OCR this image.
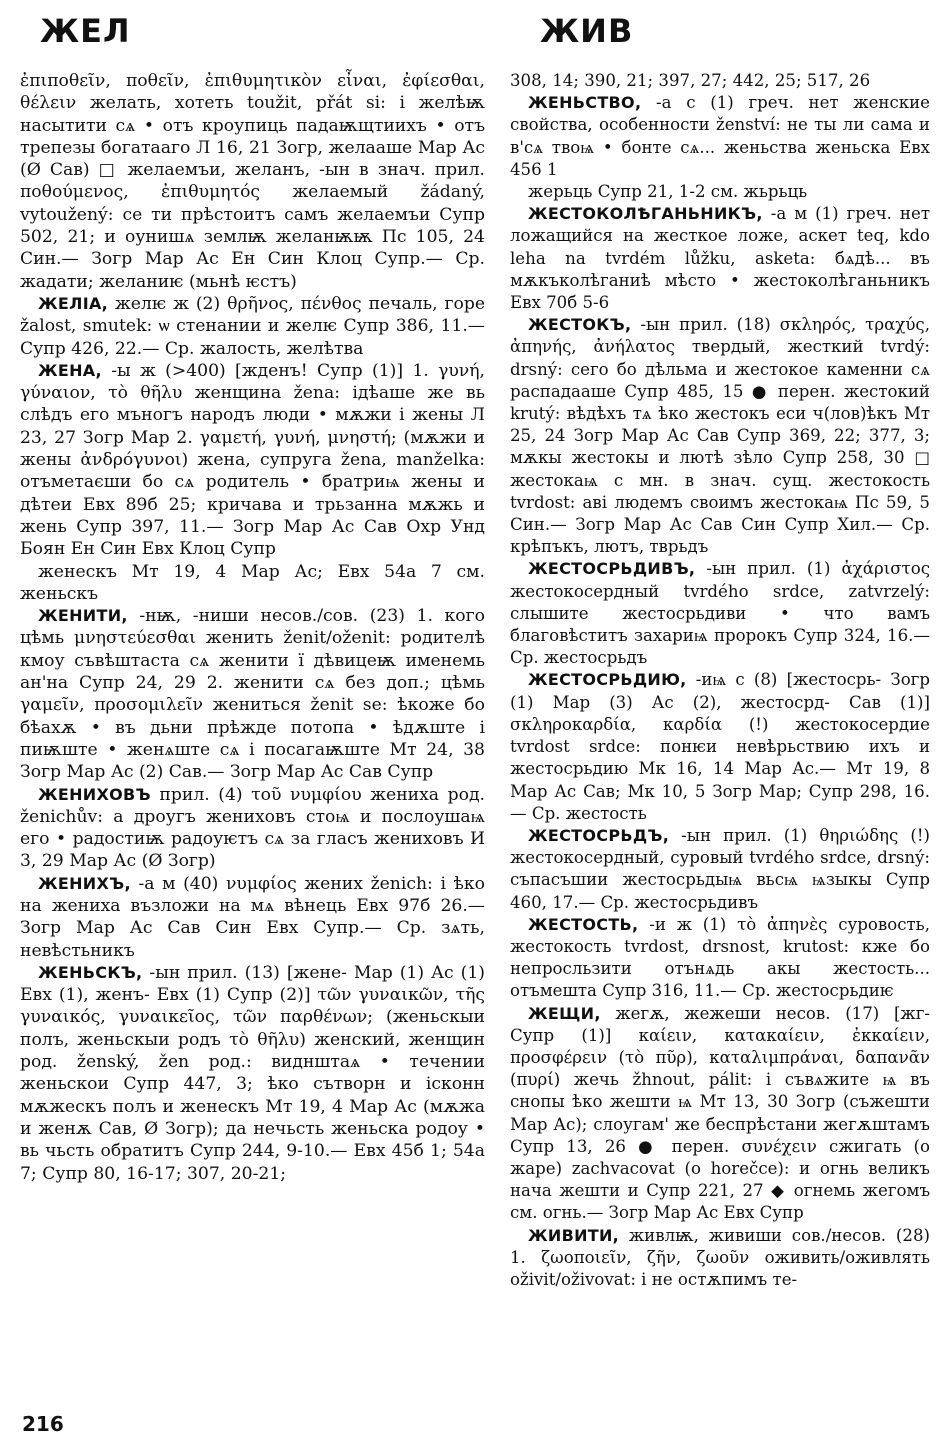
ЖЕЛ	ЖИВ

ἐπιποθεῖν, ποθεῖν, ἐπιθυμητικὸν εἶναι, ἐφίεσθαι, θέλειν желать, хотеть toužit, přát si: і желѣѭ насытити сѧ • отъ кроупиць падаѭщтиихъ • отъ трепезы богатааго Л 16, 21 Зогр, желааше Мар Ас (Ø Сав) □ желаемъи, желанъ, -ын в знач. прил. ποθούμενος, ἐπιθυμητός желаемый žádaný, vytoužený: се ти прѣстоитъ самъ желаемъи Супр 502, 21; и оунишѧ землѭ желанѭѭ Пс 105, 24 Син.— Зогр Мар Ас Ен Син Клоц Супр.— Ср. жадати; желаниѥ (мьнѣ ѥстъ)

ЖЕЛІА, желѥ ж (2) θρῆνος, πένθος печаль, горе žalost, smutek: ѡ стенании и желѥ Супр 386, 11.— Супр 426, 22.— Ср. жалость, желѣтва

ЖЕНА, -ы ж (>400) [жденъ! Супр (1)] 1. γυνή, γύναιον, τὸ θῆλυ женщина žena: ідѣаше же вь слѣдъ его мъногъ народъ люди • мѫжи і жены Л 23, 27 Зогр Мар 2. γαμετή, γυνή, μνηστή; (мѫжи и жены ἀνδρόγυνοι) жена, супруга žena, manželka: отъметаєши бо сѧ родитель • братриѩ жены и дѣтеи Евх 89б 25; кричава и трьзанна мѫжь и жень Супр 397, 11.— Зогр Мар Ас Сав Охр Унд Боян Ен Син Евх Клоц Супр

женескъ Мт 19, 4 Мар Ас; Евх 54а 7 см. женьскъ

ЖЕНИТИ, -нѭ, -ниши несов./сов. (23) 1. кого цѣмь μνηστεύεσθαι женить ženit/oženit: родителѣ кмоу съвѣштаста сѧ женити ї дѣвицеѭ именемь ан'на Супр 24, 29 2. женити сѧ без доп.; цѣмь γαμεῖν, προσομιλεῖν жениться ženit se: ѣкоже бо бѣахѫ • въ дьни прѣжде потопа • ѣдѫште і пиѭште • женѧште сѧ і посагаѭште Мт 24, 38 Зогр Мар Ас (2) Сав.— Зогр Мар Ас Сав Супр

ЖЕНИХОВЪ прил. (4) τοῦ νυμφίου жениха род. ženichův: а дроугъ жениховъ стоѩ и послоушаѩ его • радостиѭ радоуѥтъ сѧ за гласъ жениховъ И 3, 29 Мар Ас (Ø Зогр)

ЖЕНИХЪ, -а м (40) νυμφίος жених ženich: і ѣко на жениха възложи на мѧ вѣнець Евх 97б 26.— Зогр Мар Ас Сав Син Евх Супр.— Ср. зѧть, невѣстьникъ

ЖЕНЬСКЪ, -ын прил. (13) [жене- Мар (1) Ас (1) Евх (1), женъ- Евх (1) Супр (2)] τῶν γυναικῶν, τῆς γυναικός, γυναικεῖος, τῶν παρθένων; (женьскыи полъ, женьскыи родъ τὸ θῆλυ) женский, женщин род. ženský, žen род.: виднштаѧ • течении женьскои Супр 447, 3; ѣко сътворн и ісконн мѫжескъ полъ и женескъ Мт 19, 4 Мар Ас (мѫжа и женѫ Сав, Ø Зогр); да нечьсть женьска родоу • вь чьсть обратитъ Супр 244, 9-10.— Евх 45б 1; 54а 7; Супр 80, 16-17; 307, 20-21;

308, 14; 390, 21; 397, 27; 442, 25; 517, 26

ЖЕНЬСТВО, -а с (1) греч. нет женские свойства, особенности ženství: не ты ли сама и в'сѧ твоѩ • бонте сѧ... женьства женьска Евх 456 1

жерьць Супр 21, 1-2 см. жьрьць

ЖЕСТОКОЛѢГАНЬНИКЪ, -а м (1) греч. нет ложащийся на жесткое ложе, аскет teq, kdo leha na tvrdém lůžku, asketa: бѧдѣ... въ мѫкъколѣганиѣ мѣсто • жестоколѣганьникъ Евх 70б 5-6

ЖЕСТОКЪ, -ын прил. (18) σκληρός, τραχύς, ἀπηνής, ἀνήλατος твердый, жесткий tvrdý: drsný: сего бо дѣльма и жестокое каменни сѧ распадааше Супр 485, 15 ● перен. жестокий krutý: вѣдѣхъ тѧ ѣко жестокъ еси ч(лов)ѣкъ Мт 25, 24 Зогр Мар Ас Сав Супр 369, 22; 377, 3; мѫкы жестокы и лютѣ зѣло Супр 258, 30 □ жестокаѩ с мн. в знач. сущ. жестокость tvrdost: аві людемъ своимъ жестокаѩ Пс 59, 5 Син.— Зогр Мар Ас Сав Син Супр Хил.— Ср. крѣпъкъ, лютъ, тврьдъ

ЖЕСТОСРЬДИВЪ, -ын прил. (1) ἀχάριστος жестокосердный tvrdého srdce, zatvrzelý: слышите жестосрьдиви • что вамъ благовѣститъ захариѩ пророкъ Супр 324, 16.— Ср. жестосрьдъ

ЖЕСТОСРЬДИЮ, -иѩ с (8) [жестосрь- Зогр (1) Мар (3) Ас (2), жестосрд- Сав (1)] σκληροκαρδία, καρδία (!) жестокосердие tvrdost srdce: понѥи невѣрьствию ихъ и жестосрьдию Мк 16, 14 Мар Ас.— Мт 19, 8 Мар Ас Сав; Мк 10, 5 Зогр Мар; Супр 298, 16.— Ср. жестость

ЖЕСТОСРЬДЪ, -ын прил. (1) θηριώδης (!) жестокосердный, суровый tvrdého srdce, drsný: съпасъшии жестосрьдыѩ вьсѩ ѩзыкы Супр 460, 17.— Ср. жестосрьдивъ

ЖЕСТОСТЬ, -и ж (1) τὸ ἀπηνὲς суровость, жестокость tvrdost, drsnost, krutost: кже бо непросльзити отънѧдь акы жестость... отъмешта Супр 316, 11.— Ср. жестосрьдиѥ

ЖЕЩИ, жегѫ, жежеши несов. (17) [жг- Супр (1)] καίειν, κατακαίειν, ἐκκαίειν, προσφέρειν (τὸ πῦρ), καταλιμπράναι, δαπανᾶν (πυρί) жечь žhnout, pálit: і съвѧжите ѩ въ снопы ѣко жешти ѩ Мт 13, 30 Зогр (съжешти Мар Ас); слоугам' же беспрѣстани жегѫштамъ Супр 13, 26 ● перен. συνέχειν сжигать (о жаре) zachvacovat (o horečce): и огнь великъ нача жешти и Супр 221, 27 ◆ огнемь жегомъ см. огнь.— Зогр Мар Ас Евх Супр

ЖИВИТИ, живлѭ, живиши сов./несов. (28) 1. ζωοποιεῖν, ζῆν, ζωοῦν оживить/оживлять oživit/oživovat: і не остѫпимъ те-

216
